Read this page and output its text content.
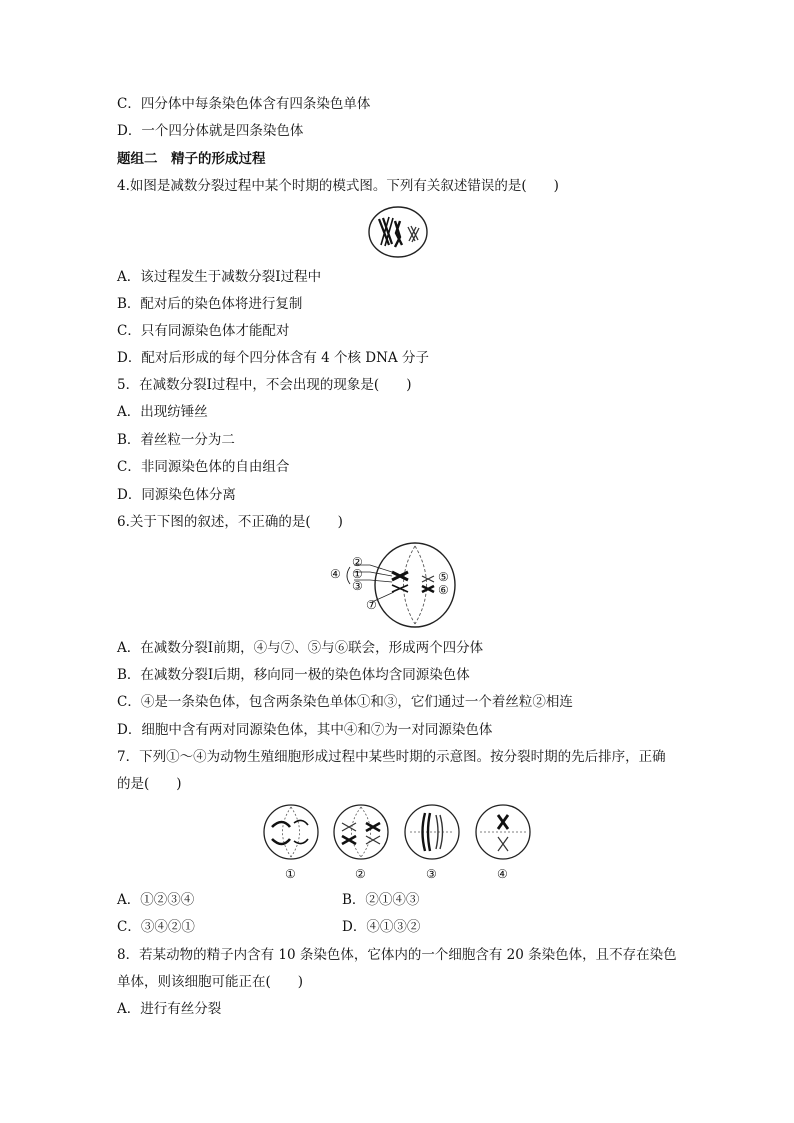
C．四分体中每条染色体含有四条染色单体
D．一个四分体就是四条染色体
题组二　精子的形成过程
4.如图是减数分裂过程中某个时期的模式图。下列有关叙述错误的是(　　)
A．该过程发生于减数分裂Ⅰ过程中
B．配对后的染色体将进行复制
C．只有同源染色体才能配对
D．配对后形成的每个四分体含有 4 个核 DNA 分子
5．在减数分裂Ⅰ过程中，不会出现的现象是(　　)
A．出现纺锤丝
B．着丝粒一分为二
C．非同源染色体的自由组合
D．同源染色体分离
6.关于下图的叙述，不正确的是(　　)
④
②
①
③
⑦
⑤
⑥
A．在减数分裂Ⅰ前期，④与⑦、⑤与⑥联会，形成两个四分体
B．在减数分裂Ⅰ后期，移向同一极的染色体均含同源染色体
C．④是一条染色体，包含两条染色单体①和③，它们通过一个着丝粒②相连
D．细胞中含有两对同源染色体，其中④和⑦为一对同源染色体
7．下列①～④为动物生殖细胞形成过程中某些时期的示意图。按分裂时期的先后排序，正确
的是(　　)
①	②	③	④
A．①②③④	B．②①④③
C．③④②①	D．④①③②
8．若某动物的精子内含有 10 条染色体，它体内的一个细胞含有 20 条染色体，且不存在染色
单体，则该细胞可能正在(　　)
A．进行有丝分裂
